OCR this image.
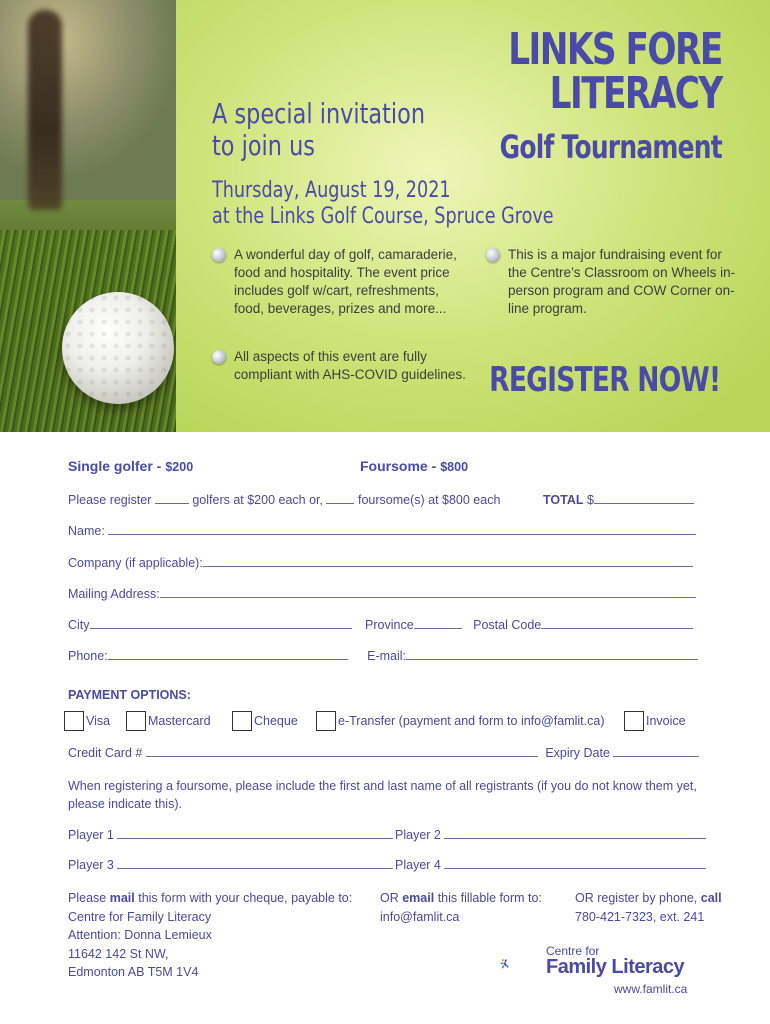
LINKS FORE
LITERACY
Golf Tournament
A special invitation
to join us
Thursday, August 19, 2021
at the Links Golf Course, Spruce Grove
A wonderful day of golf, camaraderie, food and hospitality. The event price includes golf w/cart, refreshments, food, beverages, prizes and more...
This is a major fundraising event for the Centre’s Classroom on Wheels in-person program and COW Corner on-line program.
All aspects of this event are fully compliant with AHS-COVID guidelines. REGISTER NOW!
Single golfer - $200	Foursome - $800
Please register	golfers at $200 each or,	foursome(s) at $800 each	TOTAL $
Name:
Company (if applicable):
Mailing Address:
City	Province	Postal Code
Phone:	E-mail:
PAYMENT OPTIONS:
Visa	Mastercard	Cheque	e-Transfer (payment and form to info@famlit.ca)	Invoice
Credit Card #	Expiry Date
When registering a foursome, please include the first and last name of all registrants (if you do not know them yet,
please indicate this).
Player 1	Player 2
Player 3	Player 4
Please mail this form with your cheque, payable to:
Centre for Family Literacy
Attention: Donna Lemieux
11642 142 St NW,
Edmonton AB T5M 1V4
OR email this fillable form to:
info@famlit.ca
OR register by phone, call
780-421-7323, ext. 241
Centre for
Family Literacy
www.famlit.ca
